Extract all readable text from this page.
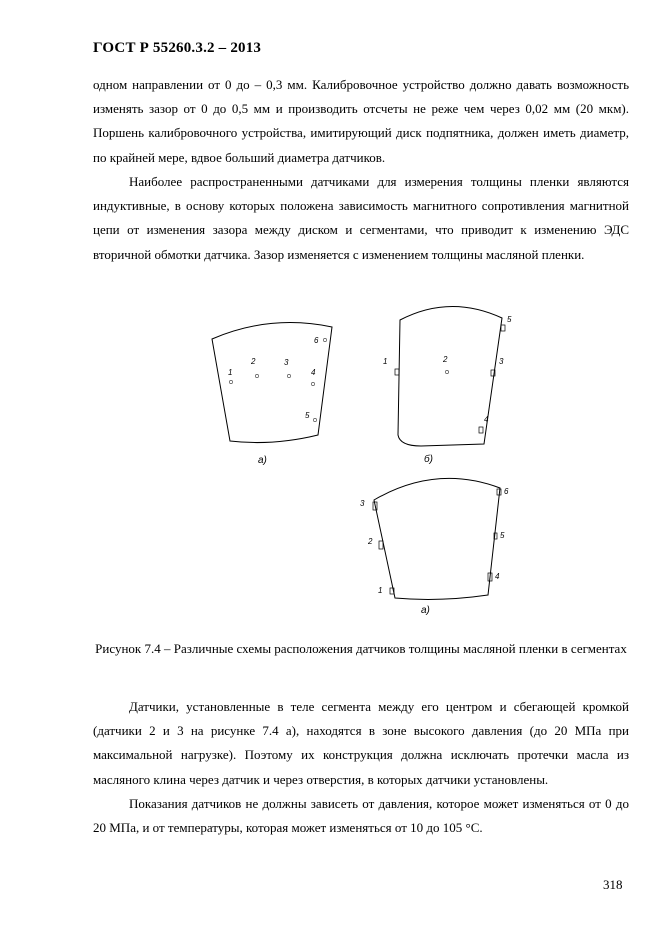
ГОСТ Р 55260.3.2 – 2013
одном направлении от 0 до – 0,3 мм. Калибровочное устройство должно давать возможность изменять зазор от 0 до 0,5 мм и производить отсчеты не реже чем через 0,02 мм (20 мкм). Поршень калибровочного устройства, имитирующий диск подпятника, должен иметь диаметр, по крайней мере, вдвое больший диаметра датчиков.
Наиболее распространенными датчиками для измерения толщины пленки являются индуктивные, в основу которых положена зависимость магнитного сопротивления магнитной цепи от изменения зазора между диском и сегментами, что приводит к изменению ЭДС вторичной обмотки датчика. Зазор изменяется с изменением толщины масляной пленки.
1
2	3
4
5
6
а)
1	2	3
4
5
б)
1
2
3
4
5
6
а)
Рисунок 7.4 – Различные схемы расположения датчиков толщины масляной пленки в сегментах
Датчики, установленные в теле сегмента между его центром и сбегающей кромкой (датчики 2 и 3 на рисунке 7.4 а), находятся в зоне высокого давления (до 20 МПа при максимальной нагрузке). Поэтому их конструкция должна исключать протечки масла из масляного клина через датчик и через отверстия, в которых датчики установлены.
Показания датчиков не должны зависеть от давления, которое может изменяться от 0 до 20 МПа, и от температуры, которая может изменяться от 10 до 105 °С.
318
